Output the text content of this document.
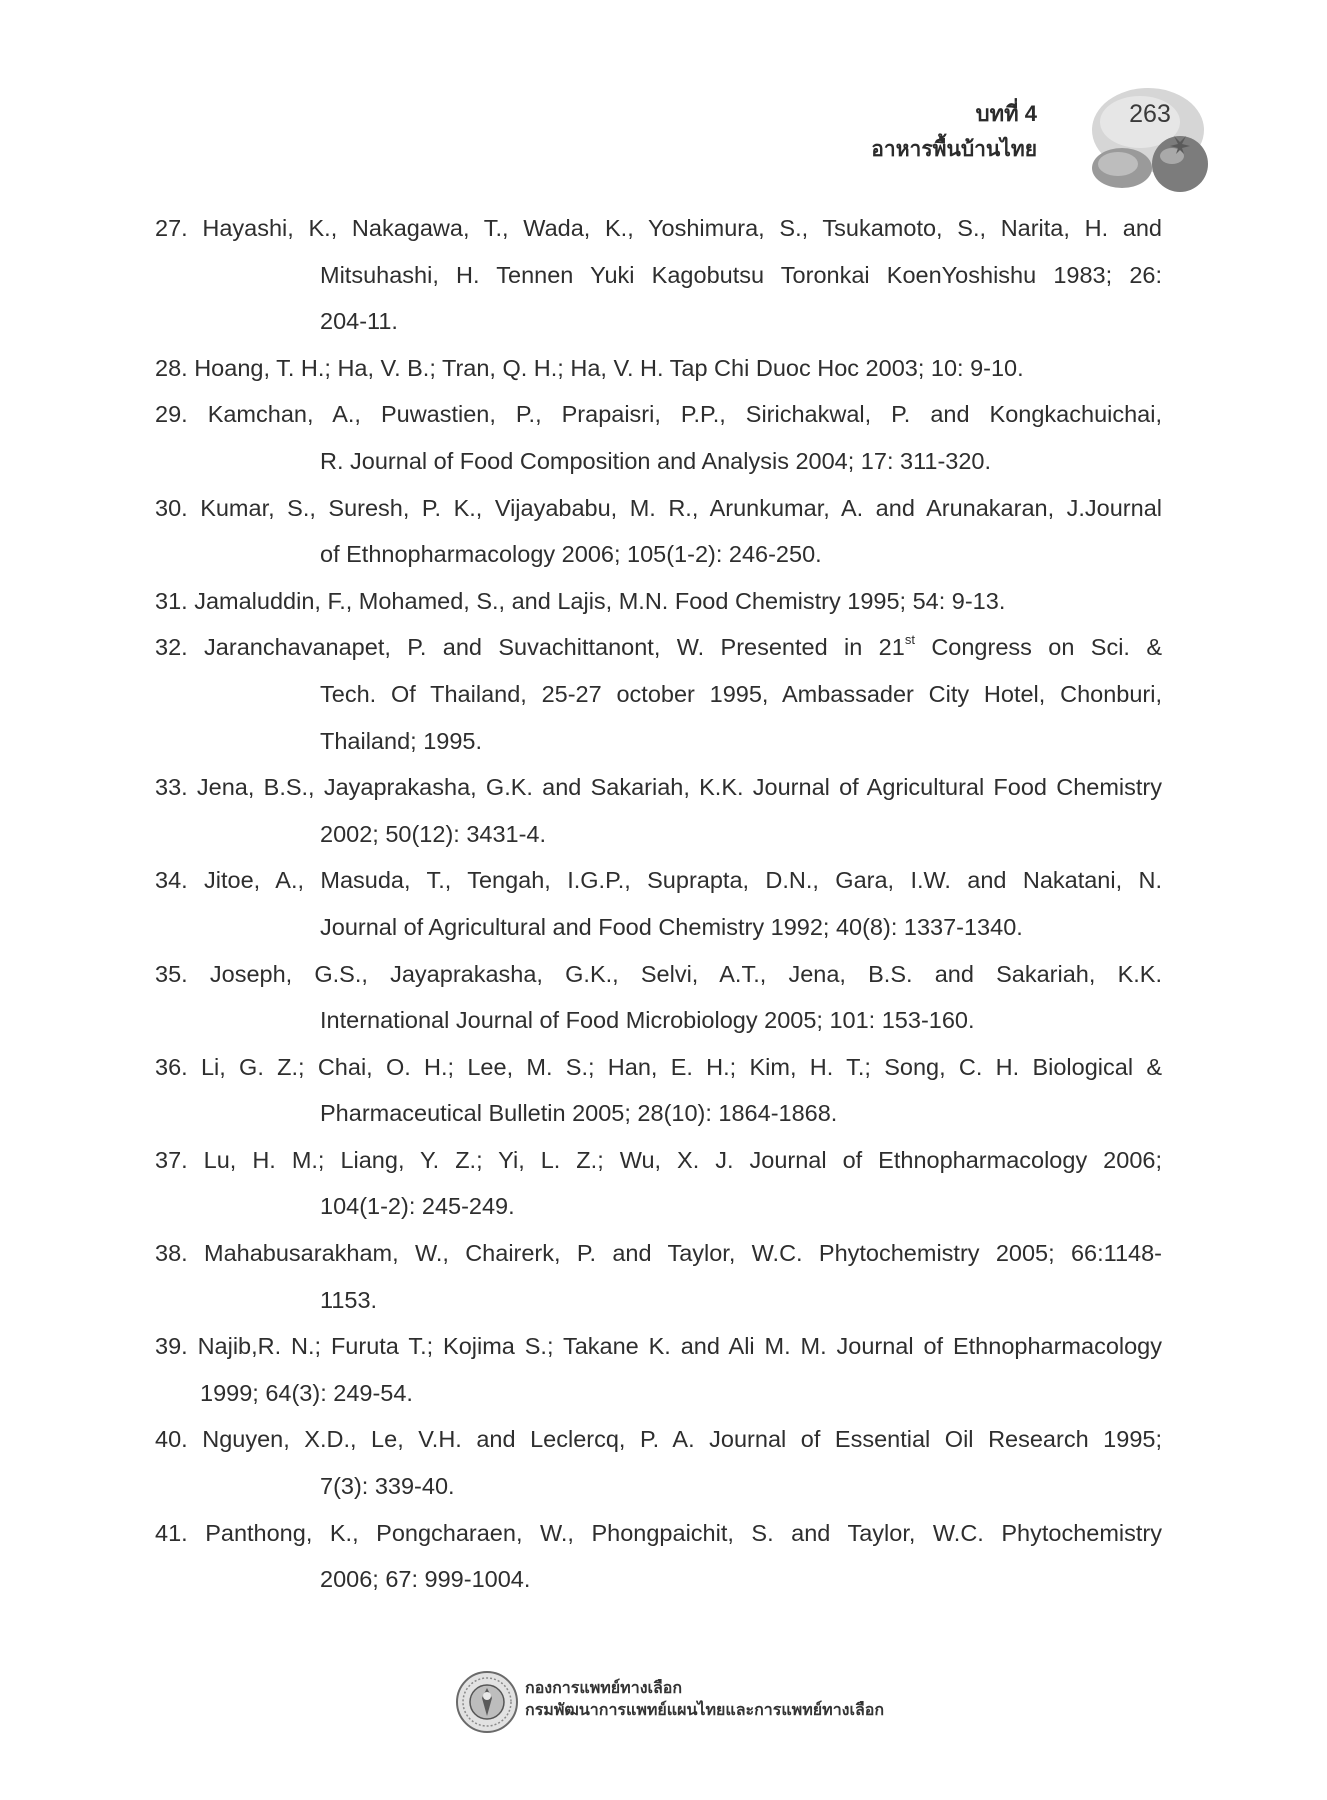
บทที่ 4
อาหารพื้นบ้านไทย
263
27. Hayashi, K., Nakagawa, T., Wada, K., Yoshimura, S., Tsukamoto, S., Narita, H. and
Mitsuhashi, H. Tennen Yuki Kagobutsu Toronkai KoenYoshishu 1983; 26:
204-11.
28. Hoang, T. H.; Ha, V. B.; Tran, Q. H.; Ha, V. H. Tap Chi Duoc Hoc 2003; 10: 9-10.
29. Kamchan, A., Puwastien, P., Prapaisri, P.P., Sirichakwal, P. and Kongkachuichai,
R. Journal of Food Composition and Analysis 2004; 17: 311-320.
30. Kumar, S., Suresh, P. K., Vijayababu, M. R., Arunkumar, A. and Arunakaran, J.Journal
of Ethnopharmacology 2006; 105(1-2): 246-250.
31. Jamaluddin, F., Mohamed, S., and Lajis, M.N. Food Chemistry 1995; 54: 9-13.
32. Jaranchavanapet, P. and Suvachittanont, W. Presented in 21st Congress on Sci. &
Tech. Of Thailand, 25-27 october 1995, Ambassader City Hotel, Chonburi,
Thailand; 1995.
33. Jena, B.S., Jayaprakasha, G.K. and Sakariah, K.K. Journal of Agricultural Food Chemistry
2002; 50(12): 3431-4.
34. Jitoe, A., Masuda, T., Tengah, I.G.P., Suprapta, D.N., Gara, I.W. and Nakatani, N.
Journal of Agricultural and Food Chemistry 1992; 40(8): 1337-1340.
35. Joseph, G.S., Jayaprakasha, G.K., Selvi, A.T., Jena, B.S. and Sakariah, K.K.
International Journal of Food Microbiology 2005; 101: 153-160.
36. Li, G. Z.; Chai, O. H.; Lee, M. S.; Han, E. H.; Kim, H. T.; Song, C. H. Biological &
Pharmaceutical Bulletin 2005; 28(10): 1864-1868.
37. Lu, H. M.; Liang, Y. Z.; Yi, L. Z.; Wu, X. J. Journal of Ethnopharmacology 2006;
104(1-2): 245-249.
38. Mahabusarakham, W., Chairerk, P. and Taylor, W.C. Phytochemistry 2005; 66:1148-
1153.
39. Najib,R. N.; Furuta T.; Kojima S.; Takane K. and Ali M. M. Journal of Ethnopharmacology
1999; 64(3): 249-54.
40. Nguyen, X.D., Le, V.H. and Leclercq, P. A. Journal of Essential Oil Research 1995;
7(3): 339-40.
41. Panthong, K., Pongcharaen, W., Phongpaichit, S. and Taylor, W.C. Phytochemistry
2006; 67: 999-1004.
กองการแพทย์ทางเลือก
กรมพัฒนาการแพทย์แผนไทยและการแพทย์ทางเลือก
